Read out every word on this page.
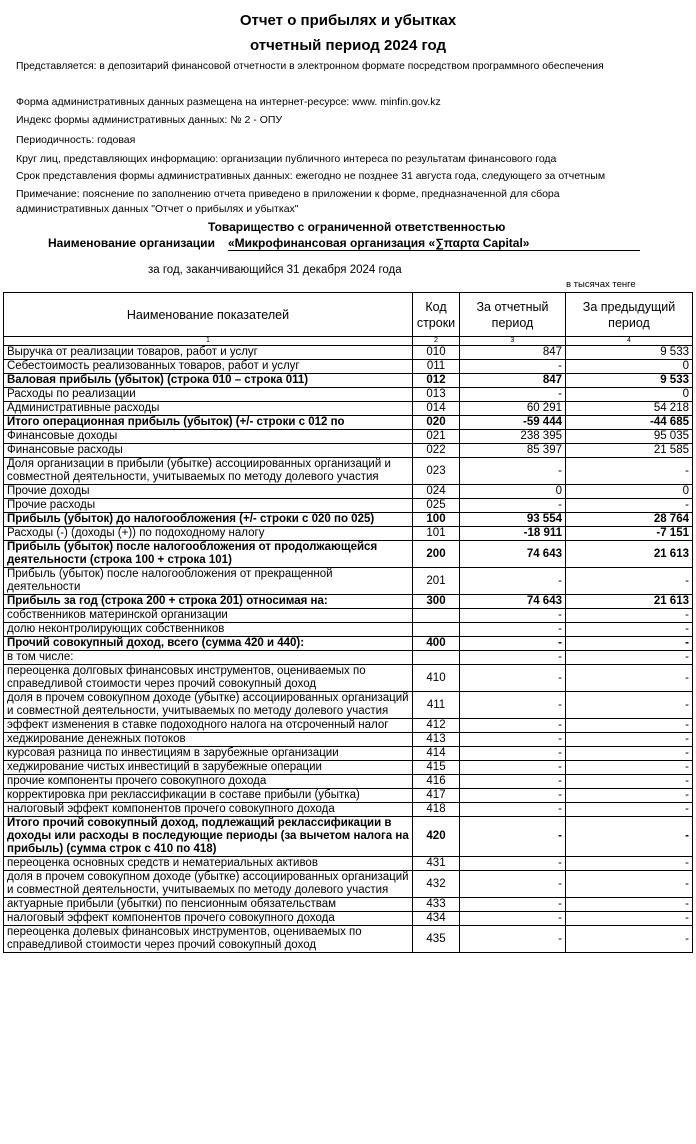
Отчет о прибылях и убытках
отчетный период 2024 год
Представляется: в депозитарий финансовой отчетности в электронном формате посредством программного обеспечения
Форма административных данных размещена на интернет-ресурсе: www. minfin.gov.kz
Индекс формы административных данных: № 2 - ОПУ
Периодичность: годовая
Круг лиц, представляющих информацию: организации публичного интереса по результатам финансового года
Срок представления формы административных данных: ежегодно не позднее 31 августа года, следующего за отчетным
Примечание: пояснение по заполнению отчета приведено в приложении к форме, предназначенной для сбора
административных данных "Отчет о прибылях и убытках"
Товарищество с ограниченной ответственностью
Наименование организации «Микрофинансовая организация «∑παρτα Capital»
за год, заканчивающийся 31 декабря 2024 года
в тысячах тенге
Наименование показателей	Код строки	За отчетный период	За предыдущий период
1	2	3	4
Выручка от реализации товаров, работ и услуг	010	847	9 533
Себестоимость реализованных товаров, работ и услуг	011	-	0
Валовая прибыль (убыток) (строка 010 – строка 011)	012	847	9 533
Расходы по реализации	013	-	0
Административные расходы	014	60 291	54 218
Итого операционная прибыль (убыток) (+/- строки с 012 по	020	-59 444	-44 685
Финансовые доходы	021	238 395	95 035
Финансовые расходы	022	85 397	21 585
Доля организации в прибыли (убытке) ассоциированных организаций и совместной деятельности, учитываемых по методу долевого участия	023	-	-
Прочие доходы	024	0	0
Прочие расходы	025	-	-
Прибыль (убыток) до налогообложения (+/- строки с 020 по 025)	100	93 554	28 764
Расходы (-) (доходы (+)) по подоходному налогу	101	-18 911	-7 151
Прибыль (убыток) после налогообложения от продолжающейся деятельности (строка 100 + строка 101)	200	74 643	21 613
Прибыль (убыток) после налогообложения от прекращенной деятельности	201	-	-
Прибыль за год (строка 200 + строка 201) относимая на:	300	74 643	21 613
собственников материнской организации		-	-
долю неконтролирующих собственников		-	-
Прочий совокупный доход, всего (сумма 420 и 440):	400	-	-
в том числе:		-	-
переоценка долговых финансовых инструментов, оцениваемых по справедливой стоимости через прочий совокупный доход	410	-	-
доля в прочем совокупном доходе (убытке) ассоциированных организаций и совместной деятельности, учитываемых по методу долевого участия	411	-	-
эффект изменения в ставке подоходного налога на отсроченный налог	412	-	-
хеджирование денежных потоков	413	-	-
курсовая разница по инвестициям в зарубежные организации	414	-	-
хеджирование чистых инвестиций в зарубежные операции	415	-	-
прочие компоненты прочего совокупного дохода	416	-	-
корректировка при реклассификации в составе прибыли (убытка)	417	-	-
налоговый эффект компонентов прочего совокупного дохода	418	-	-
Итого прочий совокупный доход, подлежащий реклассификации в доходы или расходы в последующие периоды (за вычетом налога на прибыль) (сумма строк с 410 по 418)	420	-	-
переоценка основных средств и нематериальных активов	431	-	-
доля в прочем совокупном доходе (убытке) ассоциированных организаций и совместной деятельности, учитываемых по методу долевого участия	432	-	-
актуарные прибыли (убытки) по пенсионным обязательствам	433	-	-
налоговый эффект компонентов прочего совокупного дохода	434	-	-
переоценка долевых финансовых инструментов, оцениваемых по справедливой стоимости через прочий совокупный доход	435	-	-
